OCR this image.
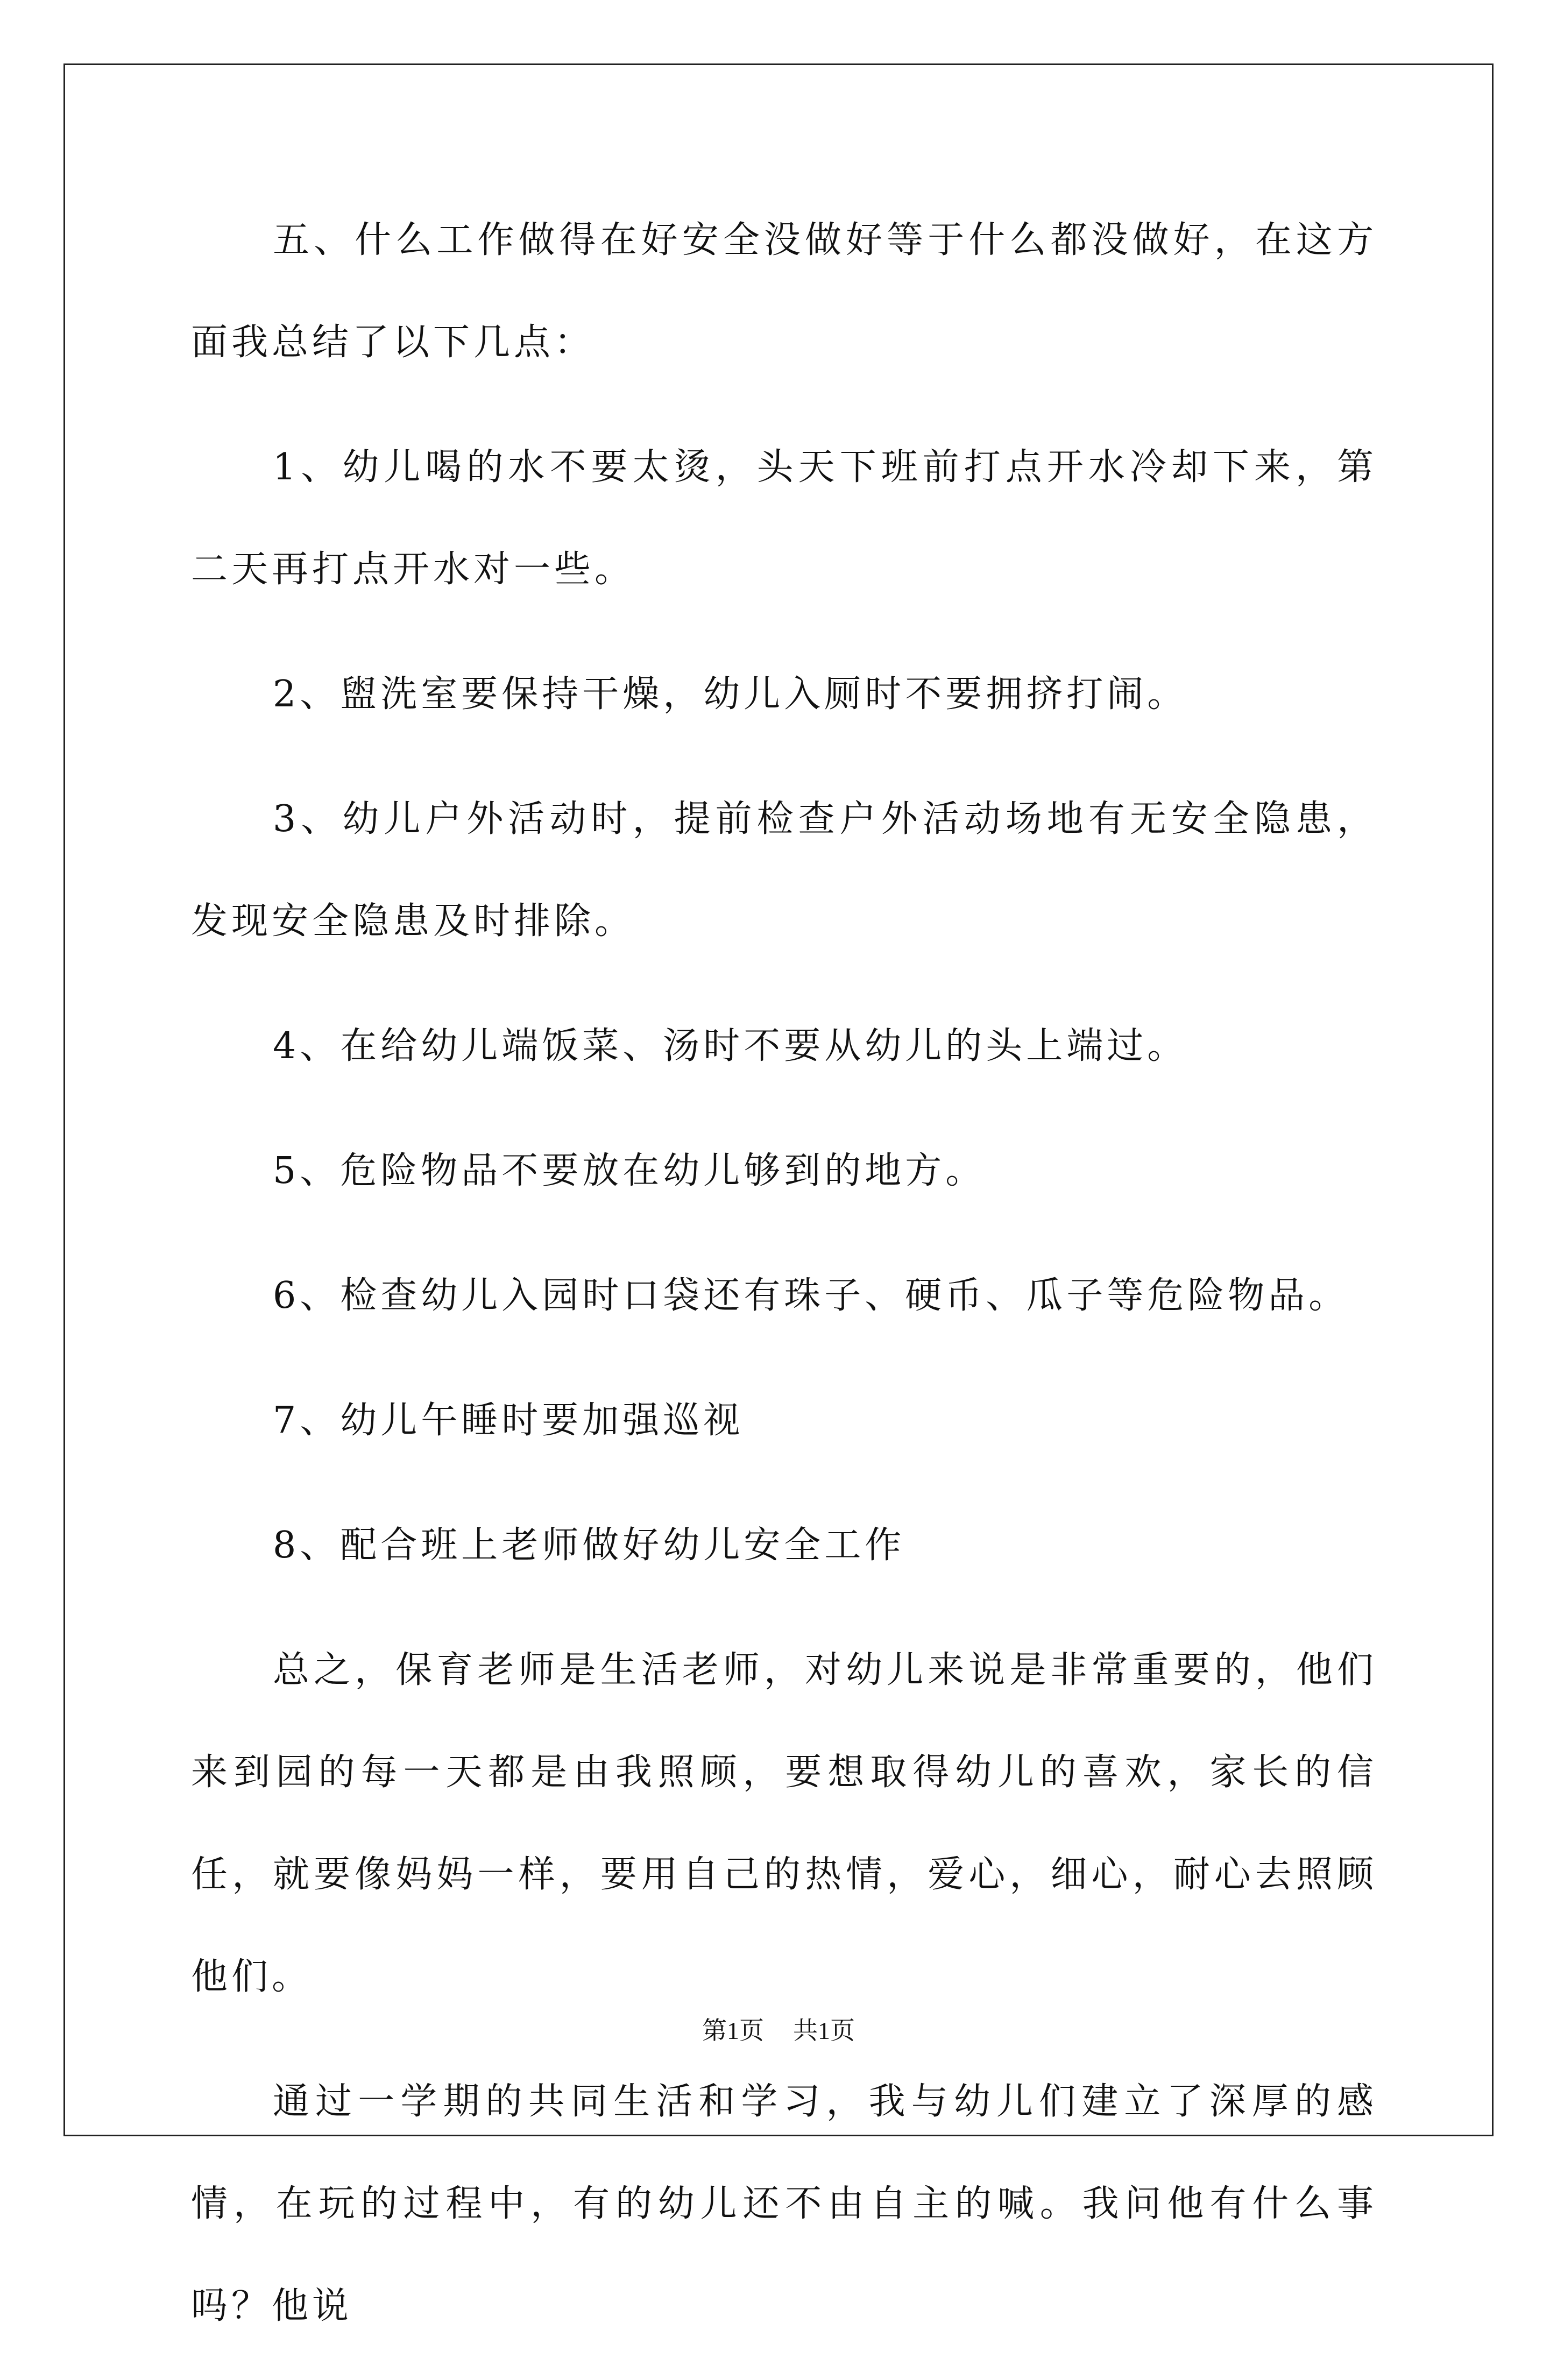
五、什么工作做得在好安全没做好等于什么都没做好，在这方面我总结了以下几点：

1、幼儿喝的水不要太烫，头天下班前打点开水冷却下来，第二天再打点开水对一些。

2、盥洗室要保持干燥，幼儿入厕时不要拥挤打闹。

3、幼儿户外活动时，提前检查户外活动场地有无安全隐患，发现安全隐患及时排除。

4、在给幼儿端饭菜、汤时不要从幼儿的头上端过。

5、危险物品不要放在幼儿够到的地方。

6、检查幼儿入园时口袋还有珠子、硬币、瓜子等危险物品。

7、幼儿午睡时要加强巡视

8、配合班上老师做好幼儿安全工作

总之，保育老师是生活老师，对幼儿来说是非常重要的，他们来到园的每一天都是由我照顾，要想取得幼儿的喜欢，家长的信任，就要像妈妈一样，要用自己的热情，爱心，细心，耐心去照顾他们。

通过一学期的共同生活和学习，我与幼儿们建立了深厚的感情，在玩的过程中，有的幼儿还不由自主的喊。我问他有什么事吗？他说

第1页 共1页
